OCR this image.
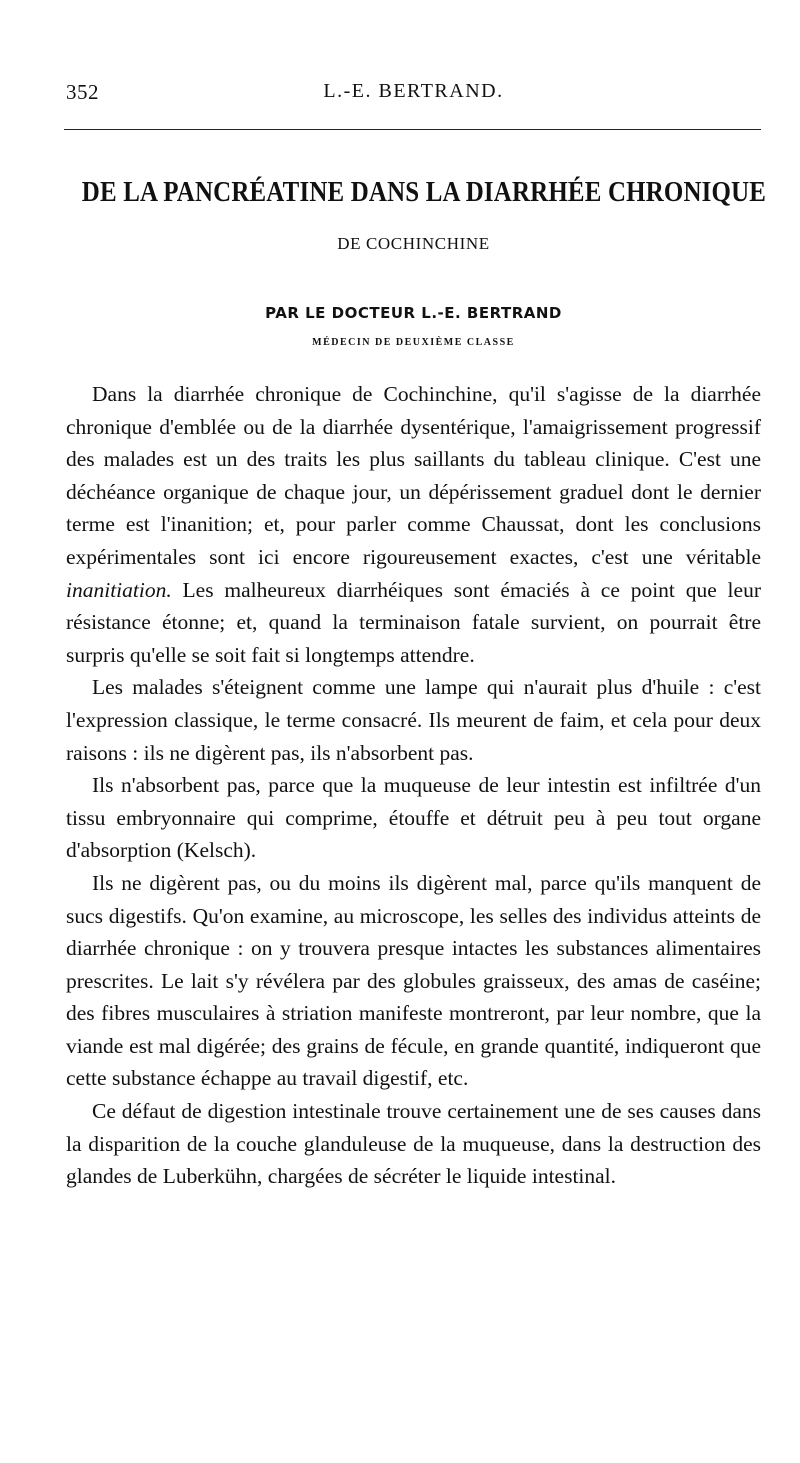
352	L.-E. BERTRAND.
DE LA PANCRÉATINE DANS LA DIARRHÉE CHRONIQUE
DE COCHINCHINE
PAR LE DOCTEUR L.-E. BERTRAND
MÉDECIN DE DEUXIÈME CLASSE

Dans la diarrhée chronique de Cochinchine, qu'il s'agisse de la diarrhée chronique d'emblée ou de la diarrhée dysentérique, l'amaigrissement progressif des malades est un des traits les plus saillants du tableau clinique. C'est une déchéance organique de chaque jour, un dépérissement graduel dont le dernier terme est l'inanition; et, pour parler comme Chaussat, dont les conclusions expérimentales sont ici encore rigoureusement exactes, c'est une véritable inanitiation. Les malheureux diarrhéiques sont émaciés à ce point que leur résistance étonne; et, quand la terminaison fatale survient, on pourrait être surpris qu'elle se soit fait si longtemps attendre.

Les malades s'éteignent comme une lampe qui n'aurait plus d'huile : c'est l'expression classique, le terme consacré. Ils meurent de faim, et cela pour deux raisons : ils ne digèrent pas, ils n'absorbent pas.

Ils n'absorbent pas, parce que la muqueuse de leur intestin est infiltrée d'un tissu embryonnaire qui comprime, étouffe et détruit peu à peu tout organe d'absorption (Kelsch).

Ils ne digèrent pas, ou du moins ils digèrent mal, parce qu'ils manquent de sucs digestifs. Qu'on examine, au microscope, les selles des individus atteints de diarrhée chronique : on y trouvera presque intactes les substances alimentaires prescrites. Le lait s'y révélera par des globules graisseux, des amas de caséine; des fibres musculaires à striation manifeste montreront, par leur nombre, que la viande est mal digérée; des grains de fécule, en grande quantité, indiqueront que cette substance échappe au travail digestif, etc.

Ce défaut de digestion intestinale trouve certainement une de ses causes dans la disparition de la couche glanduleuse de la muqueuse, dans la destruction des glandes de Luberkühn, chargées de sécréter le liquide intestinal.
